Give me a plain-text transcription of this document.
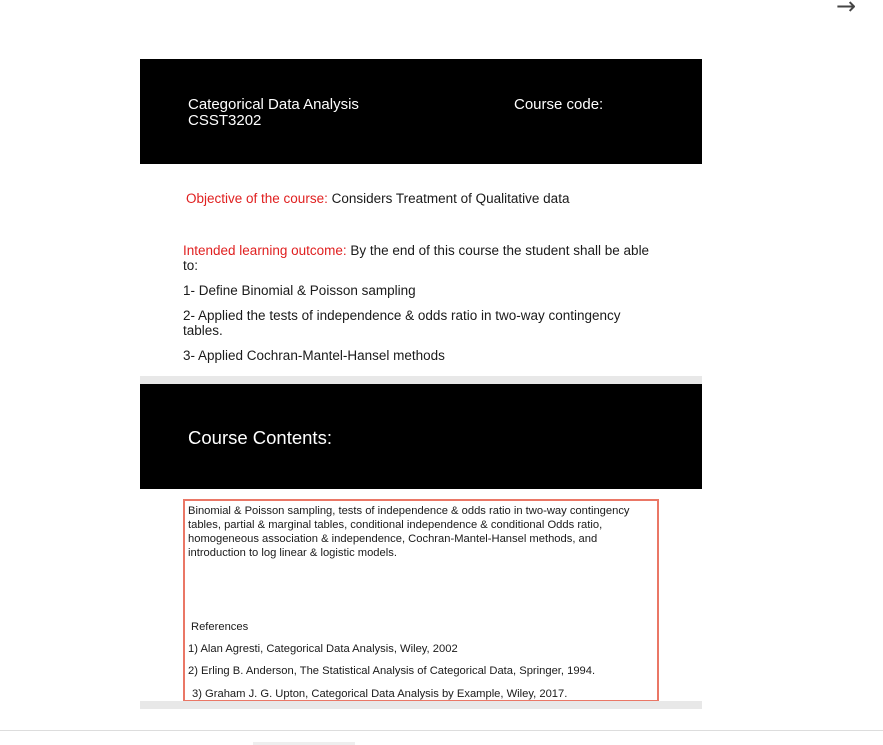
→
Categorical Data Analysis
CSST3202
Course code:
Objective of the course: Considers Treatment of Qualitative data
Intended learning outcome: By the end of this course the student shall be able to:
1- Define Binomial & Poisson sampling
2- Applied the tests of independence & odds ratio in two-way contingency tables.
3- Applied Cochran-Mantel-Hansel methods
Course Contents:
Binomial & Poisson sampling, tests of independence & odds ratio in two-way contingency tables, partial & marginal tables, conditional independence & conditional Odds ratio, homogeneous association & independence, Cochran-Mantel-Hansel methods, and introduction to log linear & logistic models.
References
1) Alan Agresti, Categorical Data Analysis, Wiley, 2002
2) Erling B. Anderson, The Statistical Analysis of Categorical Data, Springer, 1994.
3) Graham J. G. Upton, Categorical Data Analysis by Example, Wiley, 2017.
